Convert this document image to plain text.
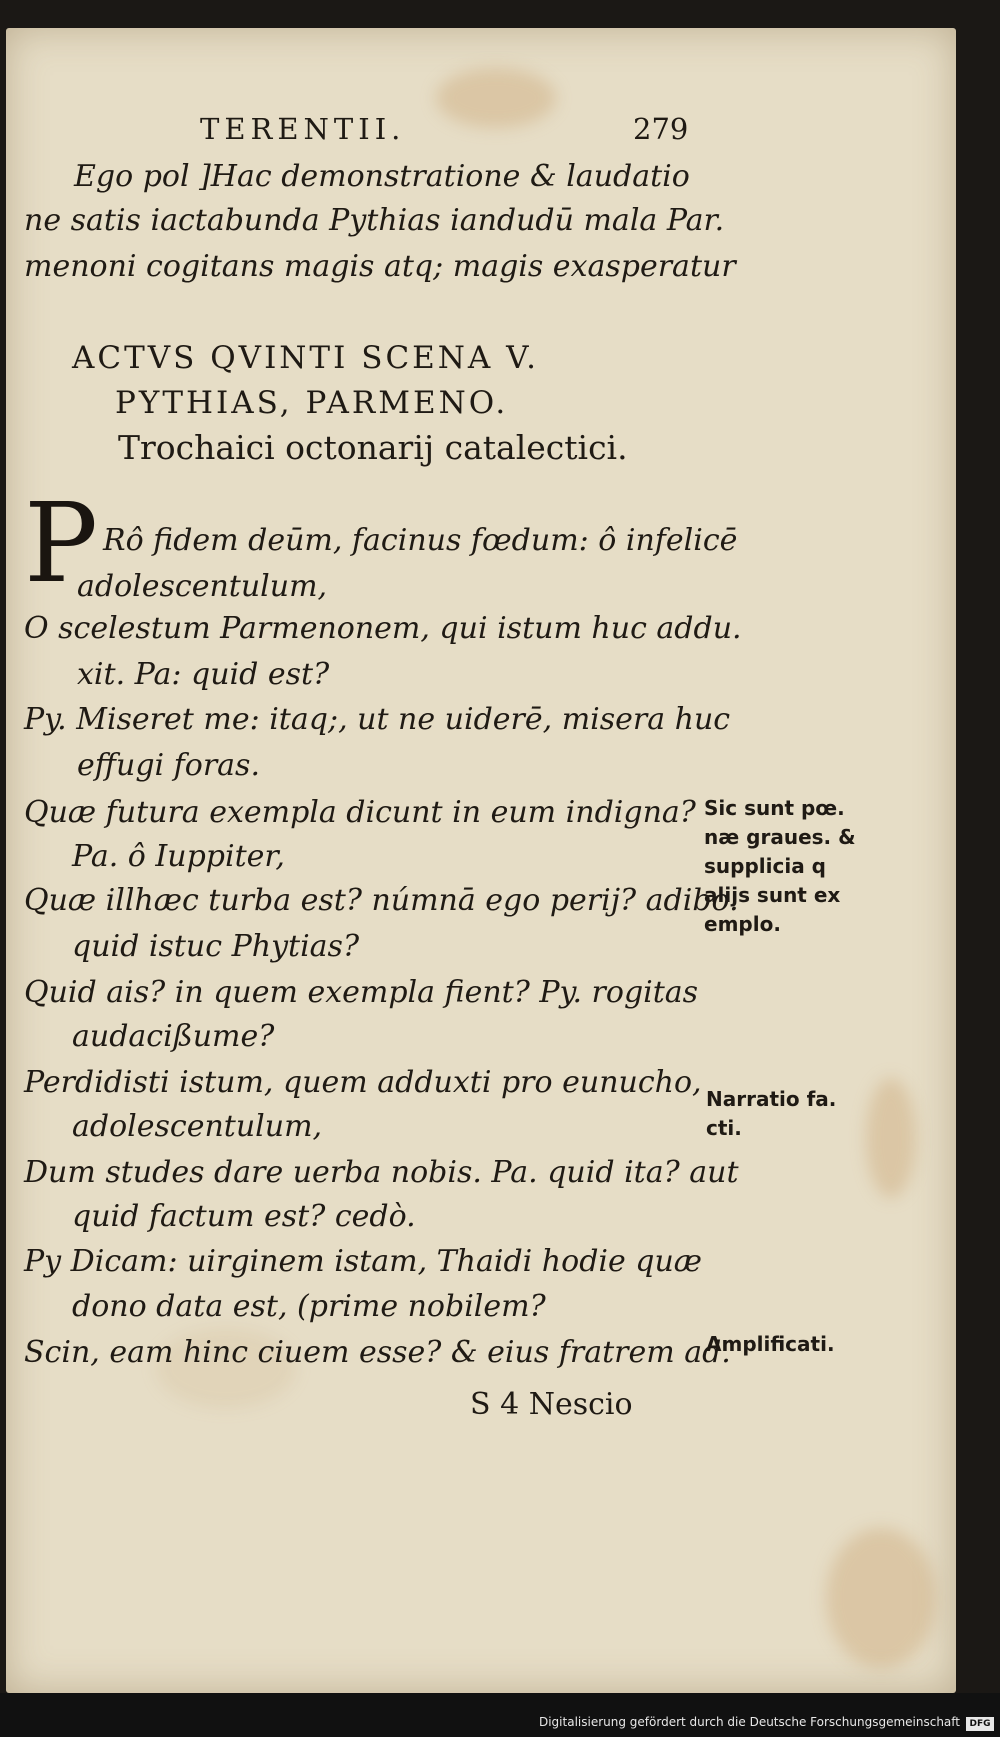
TERENTII.	279
Ego pol ]Hac demonstratione & laudatio
ne satis iactabunda Pythias iandudū mala Par.
menoni cogitans magis atq; magis exasperatur
ACTVS QVINTI SCENA V.
PYTHIAS, PARMENO.
Trochaici octonarij catalectici.
P Rô fidem deūm, facinus fœdum: ô infelicē
adolescentulum,
O scelestum Parmenonem, qui istum huc addu.
xit. Pa: quid est?
Py. Miseret me: itaq;, ut ne uiderē, misera huc
effugi foras.
Quæ futura exempla dicunt in eum indigna?
Pa. ô Iuppiter,
Quæ illhæc turba est? númnā ego perij? adibo.
quid istuc Phytias?
Quid ais? in quem exempla fient? Py. rogitas
audacißume?
Perdidisti istum, quem adduxti pro eunucho,
adolescentulum,
Dum studes dare uerba nobis. Pa. quid ita? aut
quid factum est? cedò.
Py Dicam: uirginem istam, Thaidi hodie quæ
dono data est, (prime nobilem?
Scin, eam hinc ciuem esse? & eius fratrem ad.
S 4 Nescio
Sic sunt pœ.
næ graues. &
supplicia q
alijs sunt ex
emplo.
Narratio fa.
cti.
Amplificati.
Digitalisierung gefördert durch die Deutsche Forschungsgemeinschaft	DFG
